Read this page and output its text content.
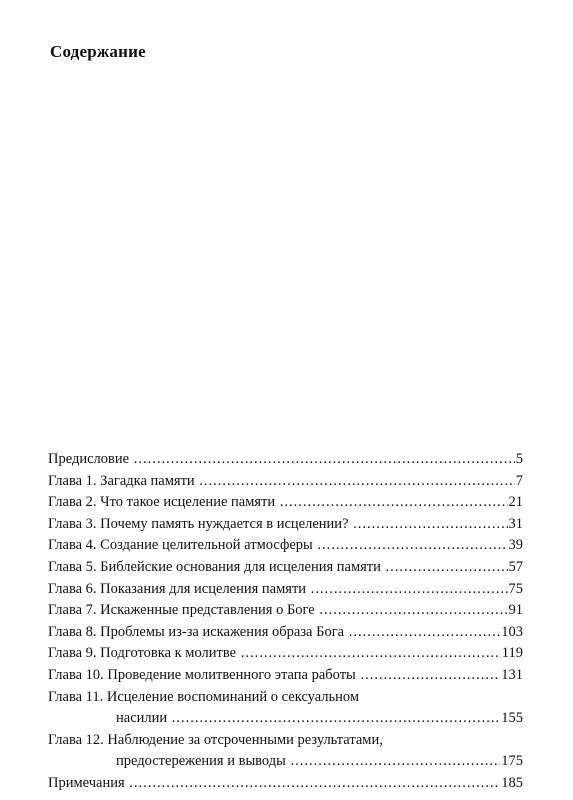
Содержание
Предисловие .....	5
Глава 1. Загадка памяти .....	7
Глава 2. Что такое исцеление памяти .....	21
Глава 3. Почему память нуждается в исцелении? .....	31
Глава 4. Создание целительной атмосферы .....	39
Глава 5. Библейские основания для исцеления памяти .....	57
Глава 6. Показания для исцеления памяти .....	75
Глава 7. Искаженные представления о Боге .....	91
Глава 8. Проблемы из-за искажения образа Бога .....	103
Глава 9. Подготовка к молитве .....	119
Глава 10. Проведение молитвенного этапа работы .....	131
Глава 11. Исцеление воспоминаний о сексуальном
насилии .....	155
Глава 12. Наблюдение за отсроченными результатами,
предостережения и выводы .....	175
Примечания .....	185
